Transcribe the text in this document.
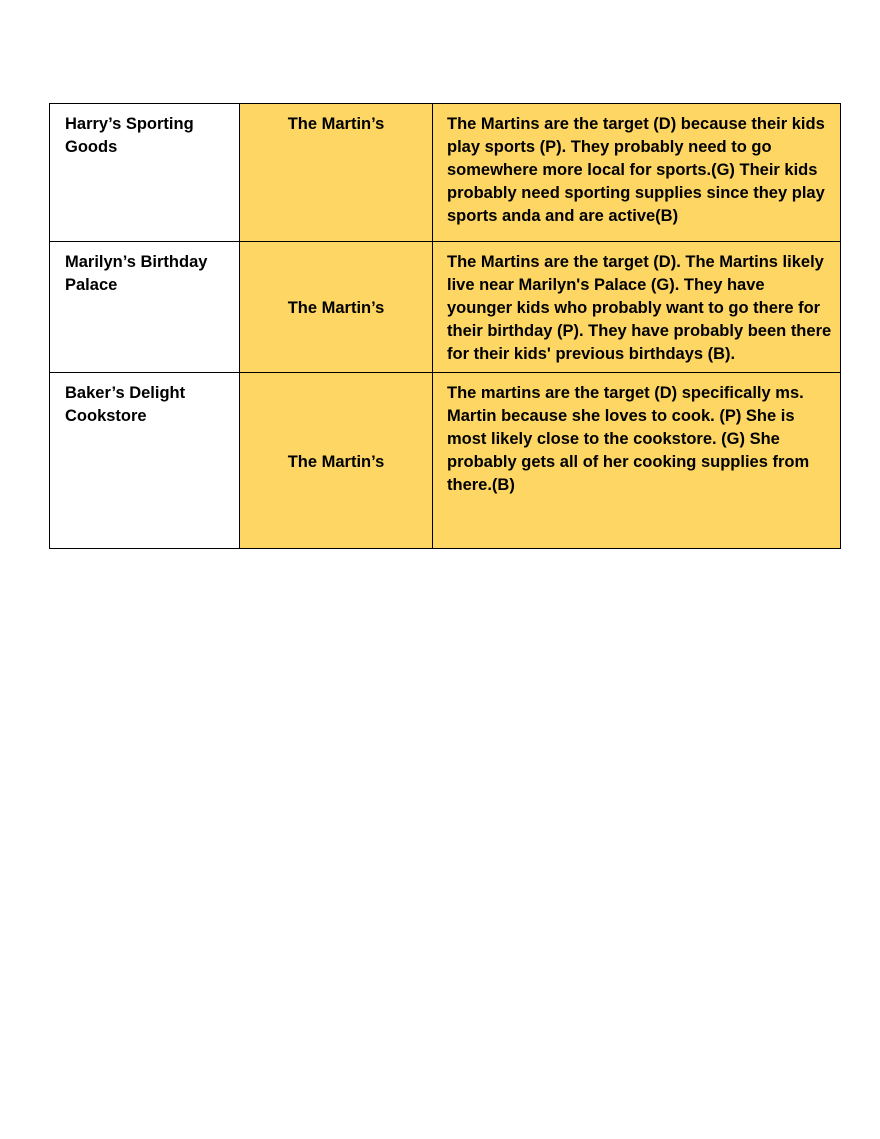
Harry’s Sporting Goods	The Martin’s	The Martins are the target (D) because their kids play sports (P). They probably need to go somewhere more local for sports.(G) Their kids probably need sporting supplies since they play sports anda and are active(B)
Marilyn’s Birthday Palace	The Martin’s	The Martins are the target (D). The Martins likely live near Marilyn's Palace (G). They have younger kids who probably want to go there for their birthday (P). They have probably been there for their kids' previous birthdays (B).
Baker’s Delight Cookstore	The Martin’s	The martins are the target (D) specifically ms. Martin because she loves to cook. (P) She is most likely close to the cookstore. (G) She probably gets all of her cooking supplies from there.(B)
